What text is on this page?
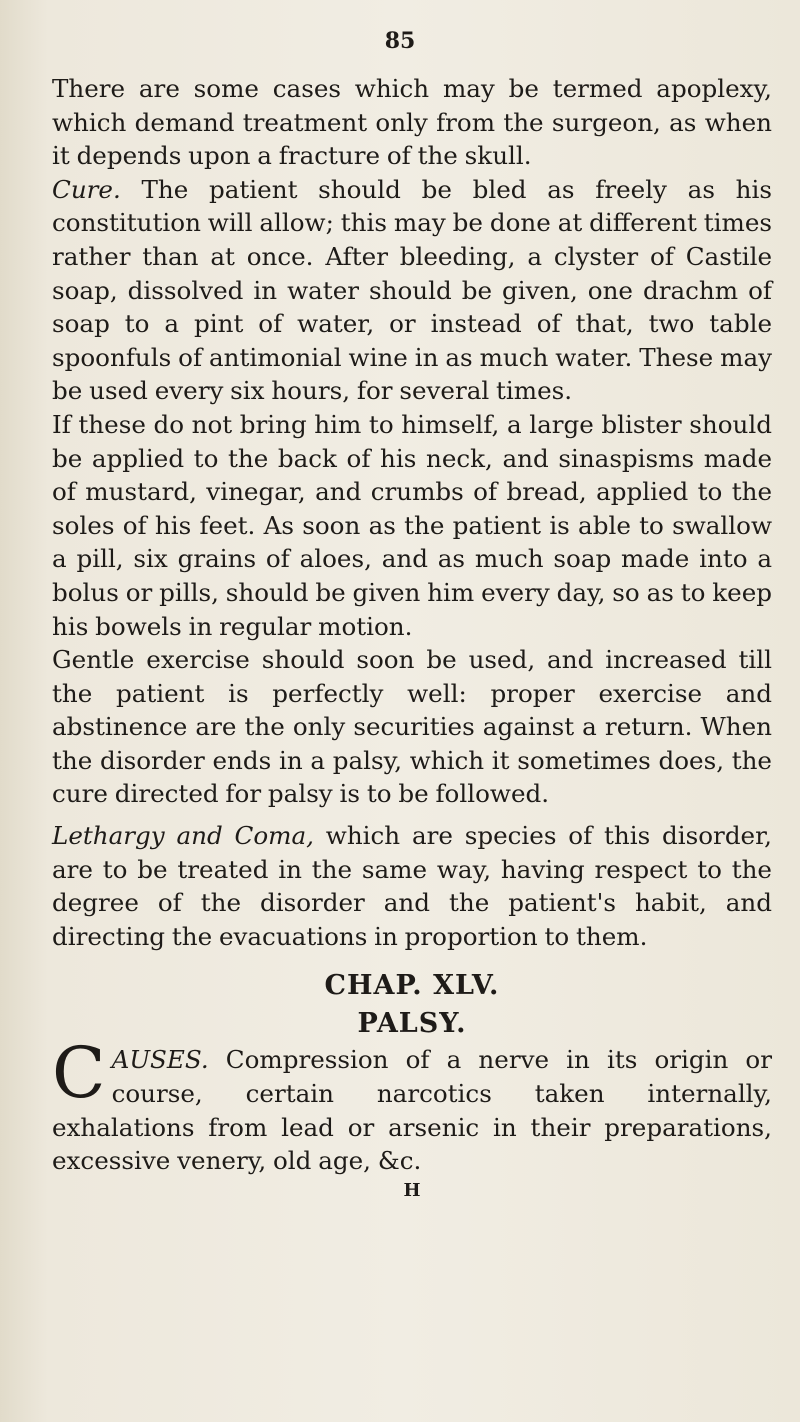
85

There are some cases which may be termed apoplexy, which demand treatment only from the surgeon, as when it depends upon a fracture of the skull.

Cure. The patient should be bled as freely as his constitution will allow; this may be done at different times rather than at once. After bleeding, a clyster of Castile soap, dissolved in water should be given, one drachm of soap to a pint of water, or instead of that, two table spoonfuls of antimonial wine in as much water. These may be used every six hours, for several times.

If these do not bring him to himself, a large blister should be applied to the back of his neck, and sinaspisms made of mustard, vinegar, and crumbs of bread, applied to the soles of his feet. As soon as the patient is able to swallow a pill, six grains of aloes, and as much soap made into a bolus or pills, should be given him every day, so as to keep his bowels in regular motion.

Gentle exercise should soon be used, and increased till the patient is perfectly well: proper exercise and abstinence are the only securities against a return. When the disorder ends in a palsy, which it sometimes does, the cure directed for palsy is to be followed.

Lethargy and Coma, which are species of this disorder, are to be treated in the same way, having respect to the degree of the disorder and the patient's habit, and directing the evacuations in proportion to them.

CHAP. XLV.

PALSY.

CAUSES. Compression of a nerve in its origin or course, certain narcotics taken internally, exhalations from lead or arsenic in their preparations, excessive venery, old age, &c.

H
